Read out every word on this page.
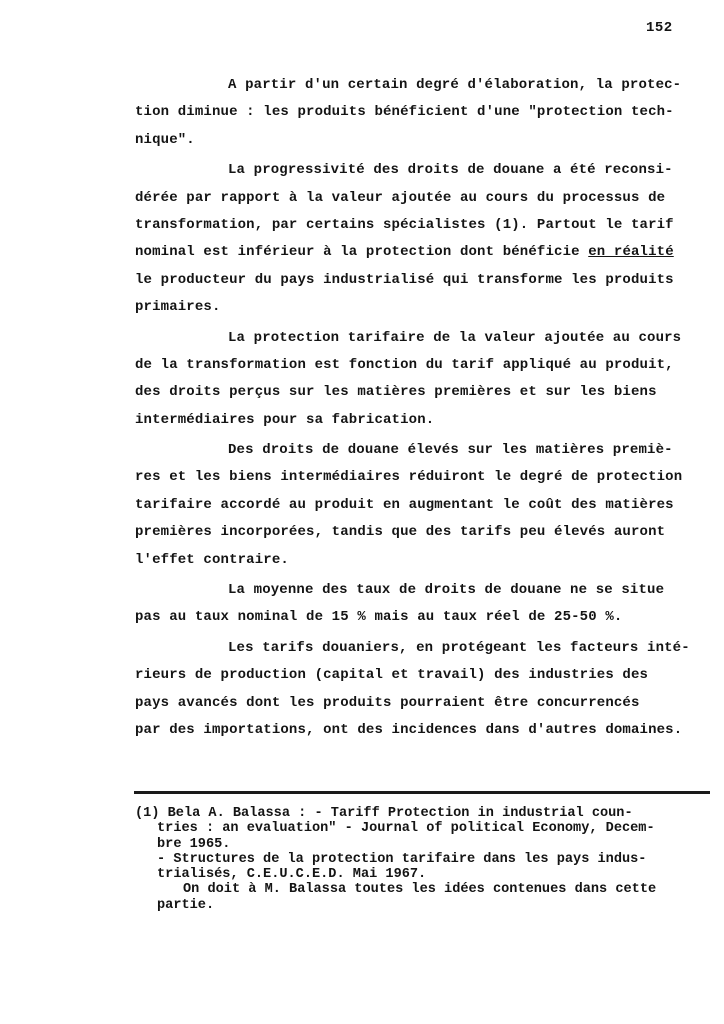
152
A partir d'un certain degré d'élaboration, la protec-
tion diminue : les produits bénéficient d'une "protection tech-
nique".
La progressivité des droits de douane a été reconsi-
dérée par rapport à la valeur ajoutée au cours du processus de
transformation, par certains spécialistes (1). Partout le tarif
nominal est inférieur à la protection dont bénéficie en réalité
le producteur du pays industrialisé qui transforme les produits
primaires.
La protection tarifaire de la valeur ajoutée au cours
de la transformation est fonction du tarif appliqué au produit,
des droits perçus sur les matières premières et sur les biens
intermédiaires pour sa fabrication.
Des droits de douane élevés sur les matières premiè-
res et les biens intermédiaires réduiront le degré de protection
tarifaire accordé au produit en augmentant le coût des matières
premières incorporées, tandis que des tarifs peu élevés auront
l'effet contraire.
La moyenne des taux de droits de douane ne se situe
pas au taux nominal de 15 % mais au taux réel de 25-50 %.
Les tarifs douaniers, en protégeant les facteurs inté-
rieurs de production (capital et travail) des industries des
pays avancés dont les produits pourraient être concurrencés
par des importations, ont des incidences dans d'autres domaines.
(1) Bela A. Balassa : - Tariff Protection in industrial coun-
tries : an evaluation" - Journal of political Economy, Decem-
bre 1965.
- Structures de la protection tarifaire dans les pays indus-
trialisés, C.E.U.C.E.D. Mai 1967.
On doit à M. Balassa toutes les idées contenues dans cette
partie.
